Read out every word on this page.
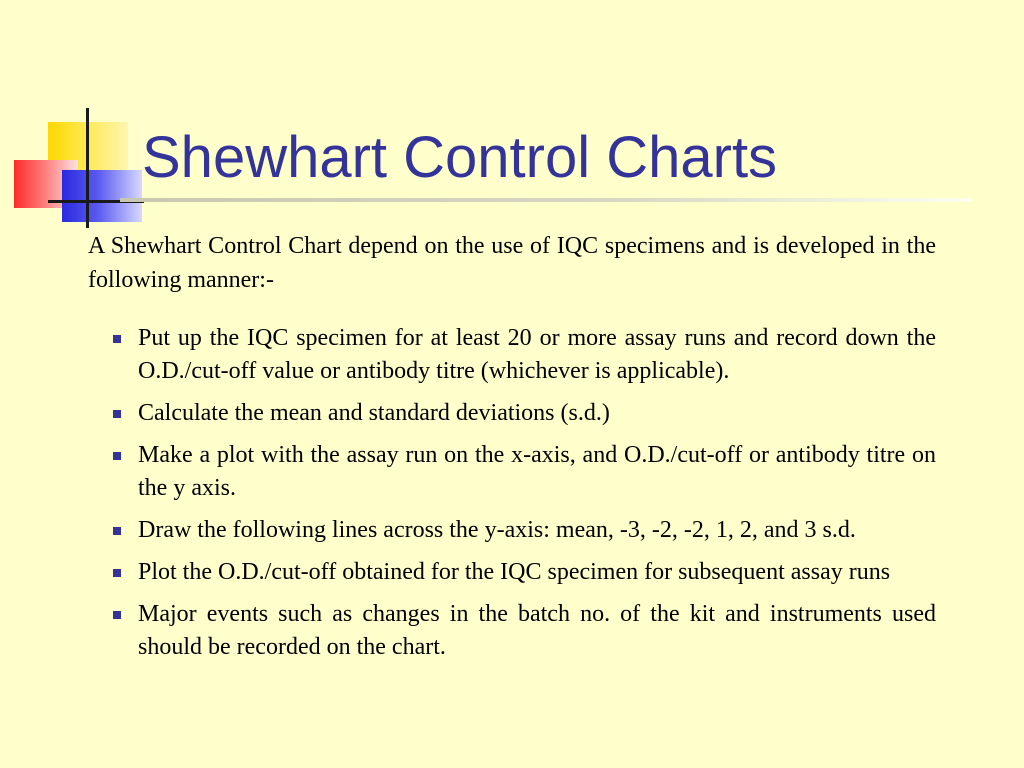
Shewhart Control Charts

A Shewhart Control Chart depend on the use of IQC specimens and is developed in the following manner:-

Put up the IQC specimen for at least 20 or more assay runs and record down the O.D./cut-off value or antibody titre (whichever is applicable).
Calculate the mean and standard deviations (s.d.)
Make a plot with the assay run on the x-axis, and O.D./cut-off or antibody titre on the y axis.
Draw the following lines across the y-axis: mean, -3, -2, -2, 1, 2, and 3 s.d.
Plot the O.D./cut-off obtained for the IQC specimen for subsequent assay runs
Major events such as changes in the batch no. of the kit and instruments used should be recorded on the chart.
